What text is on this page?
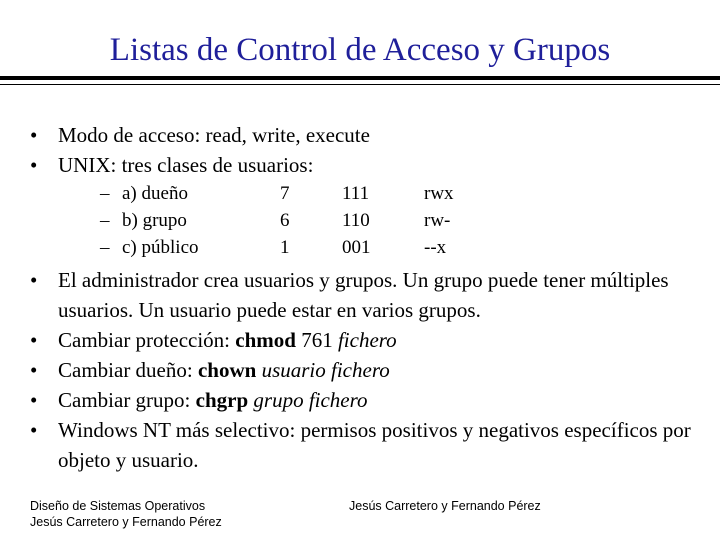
Listas de Control de Acceso y Grupos
• Modo de acceso: read, write, execute
• UNIX: tres clases de usuarios:
– a) dueño	7	111	rwx
– b) grupo	6	110	rw-
– c) público	1	001	--x
• El administrador crea usuarios y grupos. Un grupo puede tener múltiples usuarios. Un usuario puede estar en varios grupos.
• Cambiar protección: chmod 761 fichero
• Cambiar dueño: chown usuario fichero
• Cambiar grupo: chgrp grupo fichero
• Windows NT más selectivo: permisos positivos y negativos específicos por objeto y usuario.
Diseño de Sistemas Operativos
Jesús Carretero y Fernando Pérez
Jesús Carretero y Fernando Pérez
